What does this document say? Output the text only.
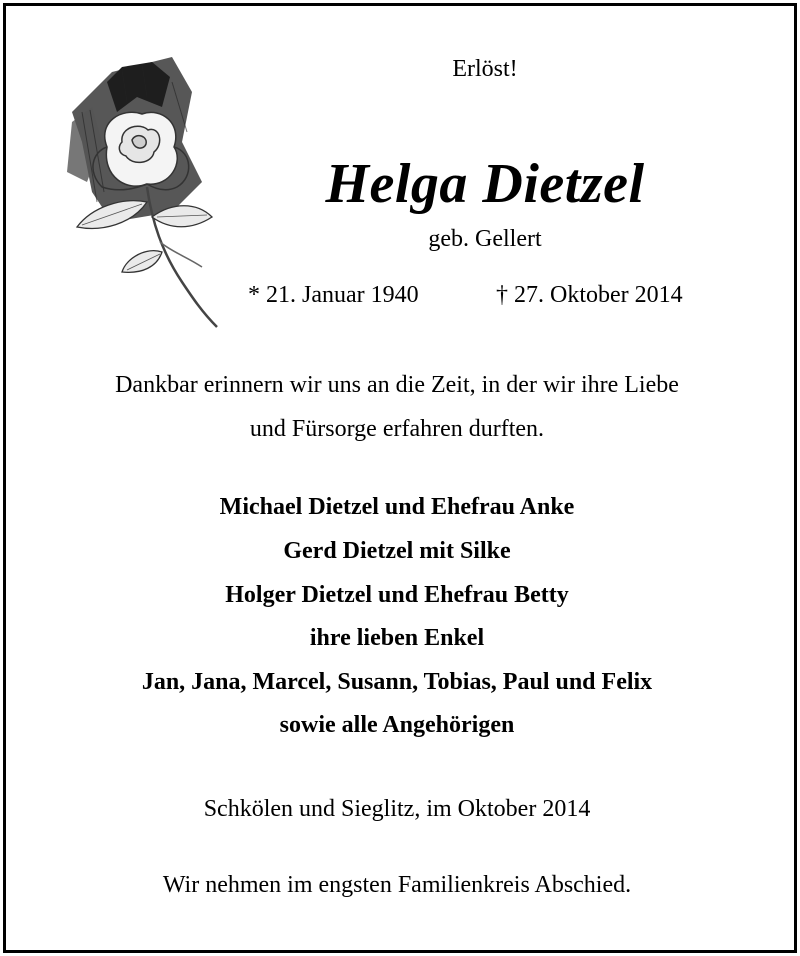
Erlöst!
Helga Dietzel
geb. Gellert
* 21. Januar 1940	† 27. Oktober 2014
Dankbar erinnern wir uns an die Zeit, in der wir ihre Liebe
und Fürsorge erfahren durften.
Michael Dietzel und Ehefrau Anke
Gerd Dietzel mit Silke
Holger Dietzel und Ehefrau Betty
ihre lieben Enkel
Jan, Jana, Marcel, Susann, Tobias, Paul und Felix
sowie alle Angehörigen
Schkölen und Sieglitz, im Oktober 2014
Wir nehmen im engsten Familienkreis Abschied.
